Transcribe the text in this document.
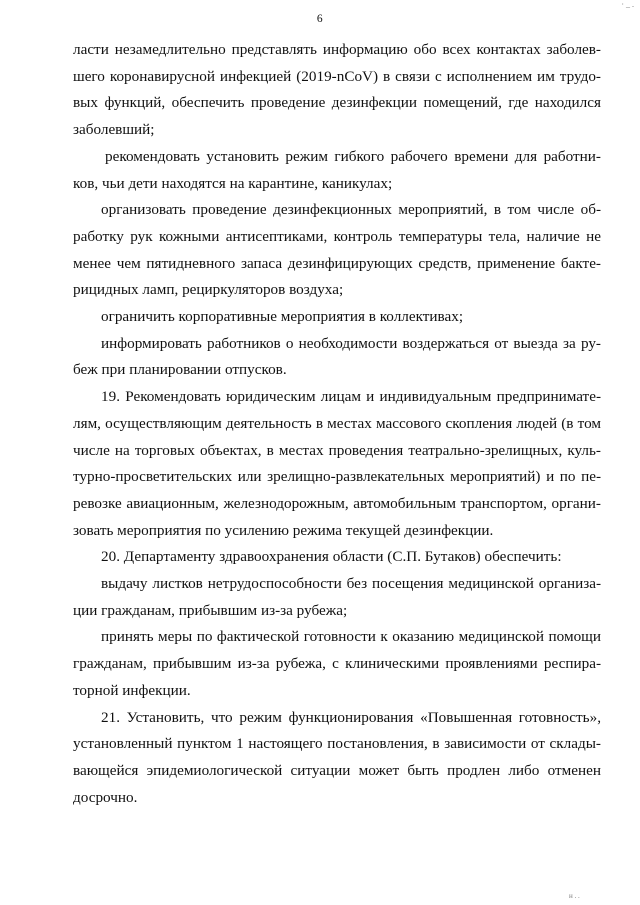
· _ .
6

ласти незамедлительно представлять информацию обо всех контактах заболев- шего коронавирусной инфекцией (2019-nCoV) в связи с исполнением им трудо- вых функций, обеспечить проведение дезинфекции помещений, где находился заболевший;

рекомендовать установить режим гибкого рабочего времени для работни- ков, чьи дети находятся на карантине, каникулах;

организовать проведение дезинфекционных мероприятий, в том числе об- работку рук кожными антисептиками, контроль температуры тела, наличие не менее чем пятидневного запаса дезинфицирующих средств, применение бакте- рицидных ламп, рециркуляторов воздуха;

ограничить корпоративные мероприятия в коллективах;

информировать работников о необходимости воздержаться от выезда за ру- беж при планировании отпусков.

19. Рекомендовать юридическим лицам и индивидуальным предпринимате- лям, осуществляющим деятельность в местах массового скопления людей (в том числе на торговых объектах, в местах проведения театрально-зрелищных, куль- турно-просветительских или зрелищно-развлекательных мероприятий) и по пе- ревозке авиационным, железнодорожным, автомобильным транспортом, органи- зовать мероприятия по усилению режима текущей дезинфекции.

20. Департаменту здравоохранения области (С.П. Бутаков) обеспечить:

выдачу листков нетрудоспособности без посещения медицинской организа- ции гражданам, прибывшим из-за рубежа;

принять меры по фактической готовности к оказанию медицинской помощи гражданам, прибывшим из-за рубежа, с клиническими проявлениями респира- торной инфекции.

21. Установить, что режим функционирования «Повышенная готовность», установленный пунктом 1 настоящего постановления, в зависимости от склады- вающейся эпидемиологической ситуации может быть продлен либо отменен досрочно.

н . .
